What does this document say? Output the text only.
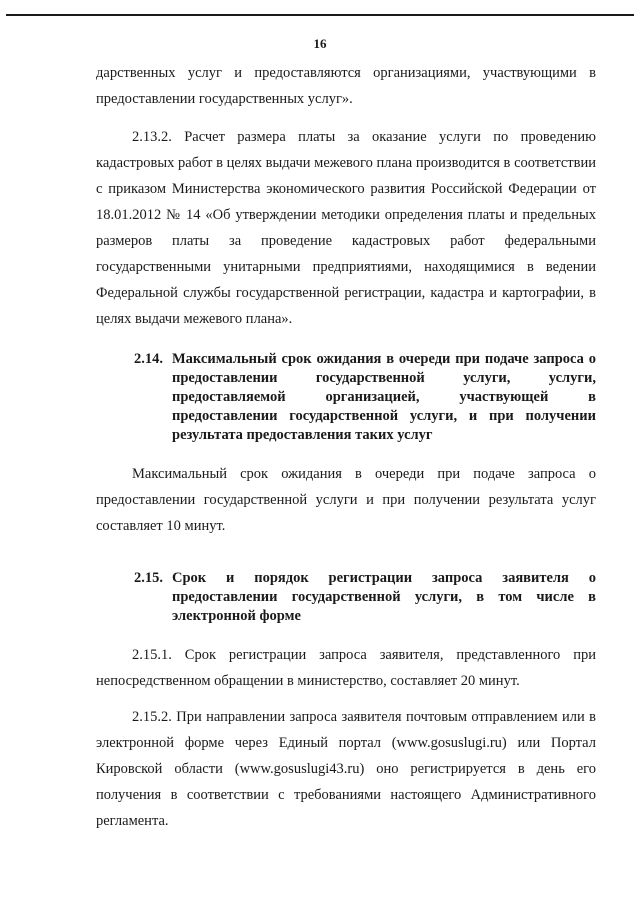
16

дарственных услуг и предоставляются организациями, участвующими в предоставлении государственных услуг».

2.13.2. Расчет размера платы за оказание услуги по проведению кадастровых работ в целях выдачи межевого плана производится в соответствии с приказом Министерства экономического развития Российской Федерации от 18.01.2012 № 14 «Об утверждении методики определения платы и предельных размеров платы за проведение кадастровых работ федеральными государственными унитарными предприятиями, находящимися в ведении Федеральной службы государственной регистрации, кадастра и картографии, в целях выдачи межевого плана».

2.14. Максимальный срок ожидания в очереди при подаче запроса о предоставлении государственной услуги, услуги, предоставляемой организацией, участвующей в предоставлении государственной услуги, и при получении результата предоставления таких услуг

Максимальный срок ожидания в очереди при подаче запроса о предоставлении государственной услуги и при получении результата услуг составляет 10 минут.

2.15. Срок и порядок регистрации запроса заявителя о предоставлении государственной услуги, в том числе в электронной форме

2.15.1. Срок регистрации запроса заявителя, представленного при непосредственном обращении в министерство, составляет 20 минут.

2.15.2. При направлении запроса заявителя почтовым отправлением или в электронной форме через Единый портал (www.gosuslugi.ru) или Портал Кировской области (www.gosuslugi43.ru) оно регистрируется в день его получения в соответствии с требованиями настоящего Административного регламента.
